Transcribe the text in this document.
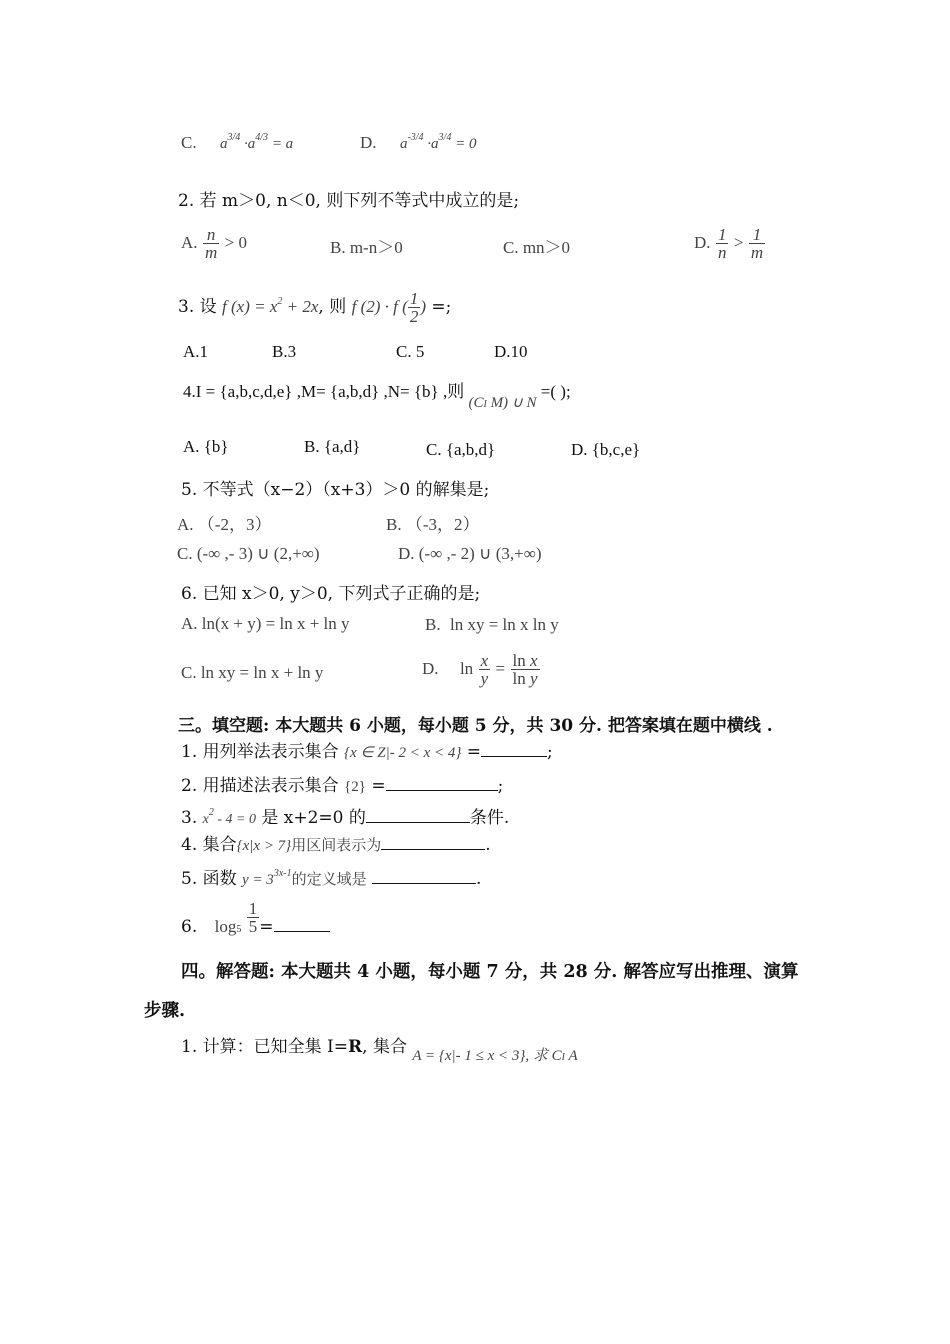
C. $a^{3/4} \cdot a^{4/3} = a$	D. $a^{-3/4} \cdot a^{3/4} = 0$
2. 若 m＞0, n＜0, 则下列不等式中成立的是;
A. $\frac{n}{m} > 0$	B. m-n＞0	C. mn＞0	D. $\frac{1}{n} > \frac{1}{m}$
3. 设 f $(x) = x^2 + 2x$, 则 f (2) · f ( $\frac{1}{2}$ ) =;
A.1	B.3	C. 5	D.10
4.I = {a,b,c,d,e} ,M= {a,b,d} ,N= {b} ,则 (CI M) ∪ N =( );
A. {b}	B. {a,d}	C. {a,b,d}	D. {b,c,e}
5. 不等式（x−2）（x+3）＞0 的解集是;
A. （-2，3）	B. （-3，2）
C. (-∞ ,- 3) ∪ (2,+∞)	D. (-∞ ,- 2) ∪ (3,+∞)
6. 已知 x＞0, y＞0, 下列式子正确的是;
A. ln(x + y) = ln x + ln y	B. ln xy = ln x ln y
C. ln xy = ln x + ln y	D. $\ln \frac{x}{y} = \frac{\text{ln x}}{\text{ln y}}$
三。填空题: 本大题共 6 小题，每小题 5 分，共 30 分. 把答案填在题中横线 .
1. 用列举法表示集合 {x ∈ Z|- 2 < x < 4} =	;
2. 用描述法表示集合 {2} =	;
3. $x^2 - 4 = 0$ 是 x+2=0 的	条件.
4. 集合{x|x > 7}用区间表示为	.
5. 函数 $y = 3^{3x-1}$的定义域是	.
6. $\log 5 \frac{1}{5}$ =
四。解答题: 本大题共 4 小题，每小题 7 分，共 28 分. 解答应写出推理、演算
步骤.
1. 计算：已知全集 I=R, 集合 A = {x|- 1 ≤ x < 3}, 求 CI A
